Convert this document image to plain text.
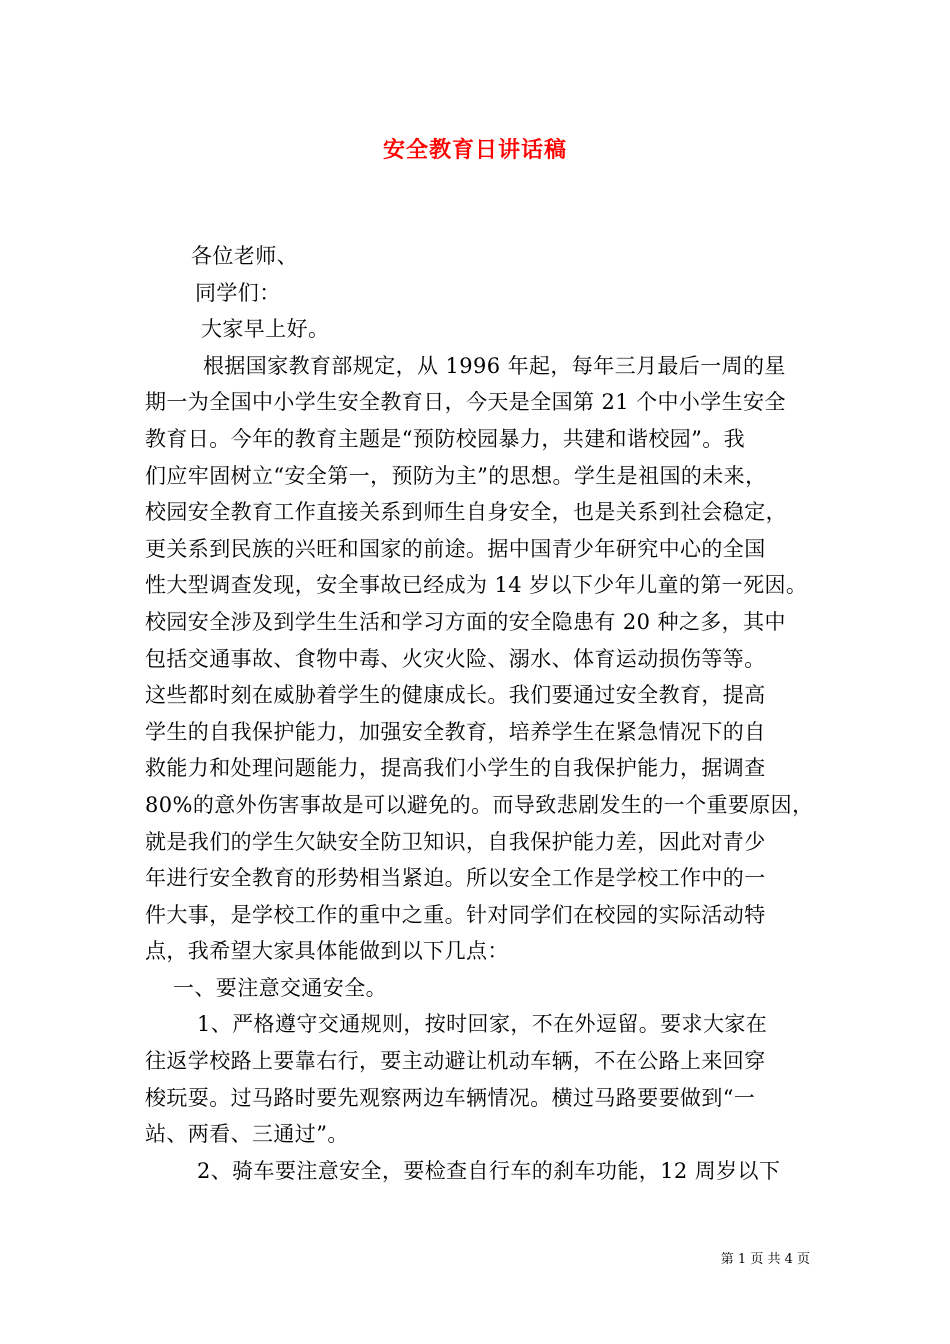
安全教育日讲话稿
各位老师、
同学们：
大家早上好。
根据国家教育部规定，从 1996 年起，每年三月最后一周的星
期一为全国中小学生安全教育日，今天是全国第 21 个中小学生安全
教育日。今年的教育主题是“预防校园暴力，共建和谐校园”。我
们应牢固树立“安全第一，预防为主”的思想。学生是祖国的未来，
校园安全教育工作直接关系到师生自身安全，也是关系到社会稳定，
更关系到民族的兴旺和国家的前途。据中国青少年研究中心的全国
性大型调查发现，安全事故已经成为 14 岁以下少年儿童的第一死因。
校园安全涉及到学生生活和学习方面的安全隐患有 20 种之多，其中
包括交通事故、食物中毒、火灾火险、溺水、体育运动损伤等等。
这些都时刻在威胁着学生的健康成长。我们要通过安全教育，提高
学生的自我保护能力，加强安全教育，培养学生在紧急情况下的自
救能力和处理问题能力，提高我们小学生的自我保护能力，据调查
80%的意外伤害事故是可以避免的。而导致悲剧发生的一个重要原因，
就是我们的学生欠缺安全防卫知识，自我保护能力差，因此对青少
年进行安全教育的形势相当紧迫。所以安全工作是学校工作中的一
件大事，是学校工作的重中之重。针对同学们在校园的实际活动特
点，我希望大家具体能做到以下几点：
一、要注意交通安全。
1、严格遵守交通规则，按时回家，不在外逗留。要求大家在
往返学校路上要靠右行，要主动避让机动车辆，不在公路上来回穿
梭玩耍。过马路时要先观察两边车辆情况。横过马路要要做到“一
站、两看、三通过”。
2、骑车要注意安全，要检查自行车的刹车功能，12 周岁以下
第 1 页 共 4 页
